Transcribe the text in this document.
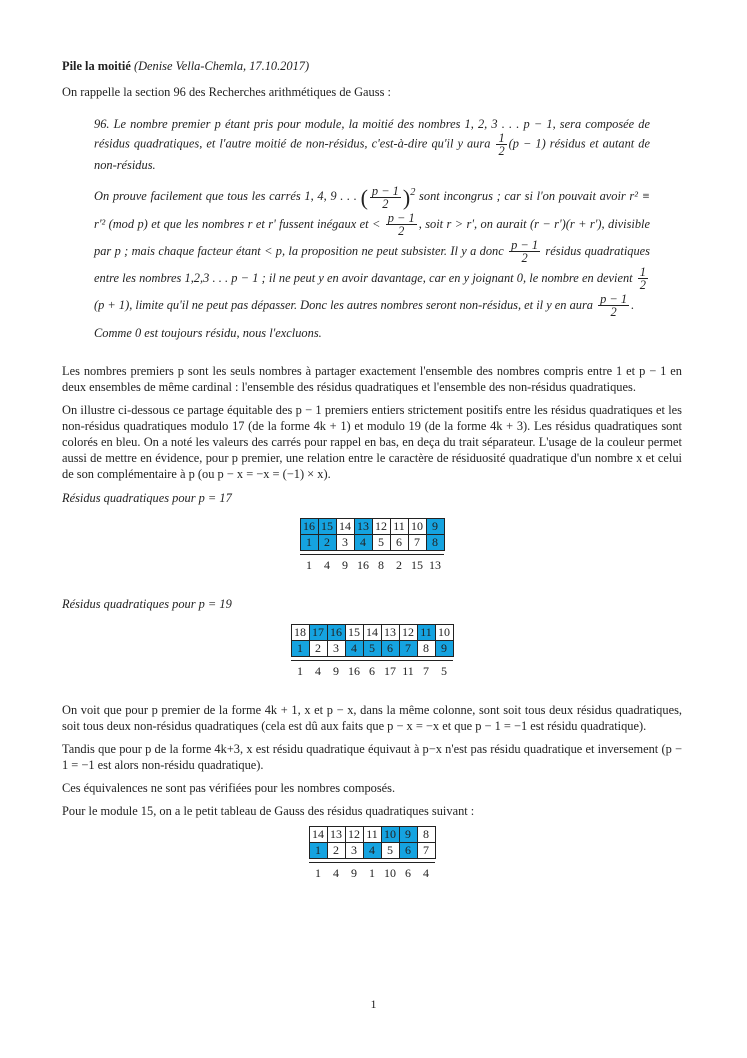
Pile la moitié (Denise Vella-Chemla, 17.10.2017)

On rappelle la section 96 des Recherches arithmétiques de Gauss :

96. Le nombre premier p étant pris pour module, la moitié des nombres 1, 2, 3 . . . p − 1, sera composée de résidus quadratiques, et l'autre moitié de non-résidus, c'est-à-dire qu'il y aura $\frac{1}{2} (p - 1)$ résidus et autant de non-résidus.

On prouve facilement que tous les carrés 1, 4, 9 . . . ( $\frac{p - 1}{2} )^2$ sont incongrus ; car si l'on pouvait avoir r² ≡ r'² (mod p) et que les nombres r et r' fussent inégaux et < $\frac{p - 1}{2}$ , soit r > r', on aurait (r − r')(r + r'), divisible par p ; mais chaque facteur étant < p, la proposition ne peut subsister. Il y a donc $\frac{p - 1}{2}$ résidus quadratiques entre les nombres 1,2,3 . . . p − 1 ; il ne peut y en avoir davantage, car en y joignant 0, le nombre en devient $\frac{1}{2}$
(p + 1), limite qu'il ne peut pas dépasser. Donc les autres nombres seront non-résidus, et il y en aura $\frac{p - 1}{2}$ .

Comme 0 est toujours résidu, nous l'excluons.

Les nombres premiers p sont les seuls nombres à partager exactement l'ensemble des nombres compris entre 1 et p − 1 en deux ensembles de même cardinal : l'ensemble des résidus quadratiques et l'ensemble des non-résidus quadratiques.

On illustre ci-dessous ce partage équitable des p − 1 premiers entiers strictement positifs entre les résidus quadratiques et les non-résidus quadratiques modulo 17 (de la forme 4k + 1) et modulo 19 (de la forme 4k + 3). Les résidus quadratiques sont colorés en bleu. On a noté les valeurs des carrés pour rappel en bas, en deça du trait séparateur. L'usage de la couleur permet aussi de mettre en évidence, pour p premier, une relation entre le caractère de résiduosité quadratique d'un nombre x et celui de son complémentaire à p (ou p − x = −x = (−1) × x).

Résidus quadratiques pour p = 17

16	15	14	13	12	11	10	9
1	2	3	4	5	6	7	8

1	4	9	16	8	2	15	13

Résidus quadratiques pour p = 19

18	17	16	15	14	13	12	11	10
1	2	3	4	5	6	7	8	9

1	4	9	16	6	17	11	7	5

On voit que pour p premier de la forme 4k + 1, x et p − x, dans la même colonne, sont soit tous deux résidus quadratiques, soit tous deux non-résidus quadratiques (cela est dû aux faits que p − x = −x et que p − 1 = −1 est résidu quadratique).

Tandis que pour p de la forme 4k+3, x est résidu quadratique équivaut à p−x n'est pas résidu quadratique et inversement (p − 1 = −1 est alors non-résidu quadratique).

Ces équivalences ne sont pas vérifiées pour les nombres composés.

Pour le module 15, on a le petit tableau de Gauss des résidus quadratiques suivant :

14	13	12	11	10	9	8
1	2	3	4	5	6	7

1	4	9	1	10	6	4
1
